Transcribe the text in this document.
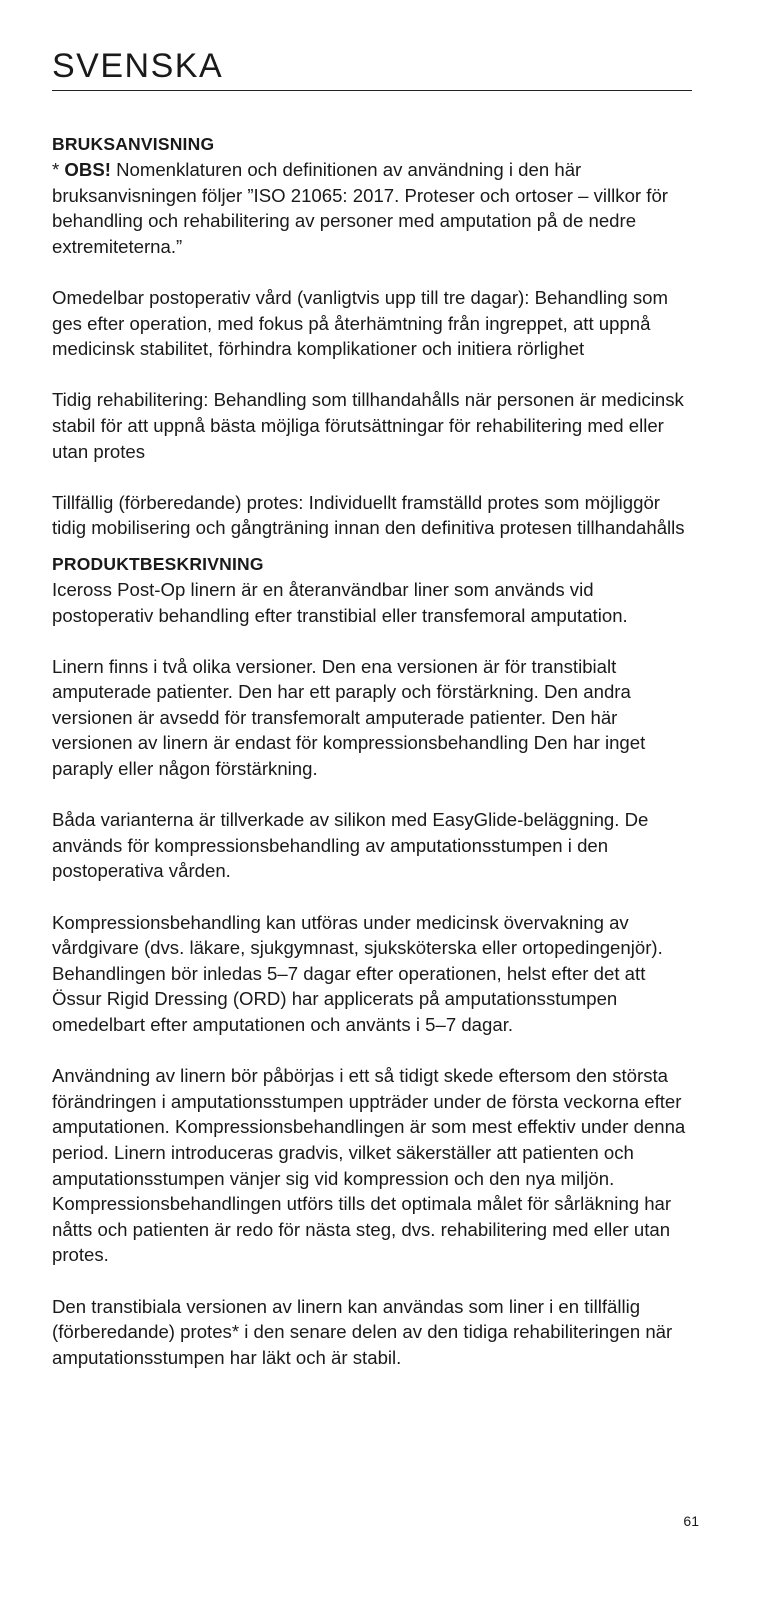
SVENSKA
BRUKSANVISNING

* OBS! Nomenklaturen och definitionen av användning i den här bruksanvisningen följer ”ISO 21065: 2017. Proteser och ortoser – villkor för behandling och rehabilitering av personer med amputation på de nedre extremiteterna.”

Omedelbar postoperativ vård (vanligtvis upp till tre dagar): Behandling som ges efter operation, med fokus på återhämtning från ingreppet, att uppnå medicinsk stabilitet, förhindra komplikationer och initiera rörlighet

Tidig rehabilitering: Behandling som tillhandahålls när personen är medicinsk stabil för att uppnå bästa möjliga förutsättningar för rehabilitering med eller utan protes

Tillfällig (förberedande) protes: Individuellt framställd protes som möjliggör tidig mobilisering och gångträning innan den definitiva protesen tillhandahålls

PRODUKTBESKRIVNING

Iceross Post-Op linern är en återanvändbar liner som används vid postoperativ behandling efter transtibial eller transfemoral amputation.

Linern finns i två olika versioner. Den ena versionen är för transtibialt amputerade patienter. Den har ett paraply och förstärkning. Den andra versionen är avsedd för transfemoralt amputerade patienter. Den här versionen av linern är endast för kompressionsbehandling Den har inget paraply eller någon förstärkning.

Båda varianterna är tillverkade av silikon med EasyGlide-beläggning. De används för kompressionsbehandling av amputationsstumpen i den postoperativa vården.

Kompressionsbehandling kan utföras under medicinsk övervakning av vårdgivare (dvs. läkare, sjukgymnast, sjuksköterska eller ortopedingenjör). Behandlingen bör inledas 5–7 dagar efter operationen, helst efter det att Össur Rigid Dressing (ORD) har applicerats på amputationsstumpen omedelbart efter amputationen och använts i 5–7 dagar.

Användning av linern bör påbörjas i ett så tidigt skede eftersom den största förändringen i amputationsstumpen uppträder under de första veckorna efter amputationen. Kompressionsbehandlingen är som mest effektiv under denna period. Linern introduceras gradvis, vilket säkerställer att patienten och amputationsstumpen vänjer sig vid kompression och den nya miljön. Kompressionsbehandlingen utförs tills det optimala målet för sårläkning har nåtts och patienten är redo för nästa steg, dvs. rehabilitering med eller utan protes.

Den transtibiala versionen av linern kan användas som liner i en tillfällig (förberedande) protes* i den senare delen av den tidiga rehabiliteringen när amputationsstumpen har läkt och är stabil.

61
